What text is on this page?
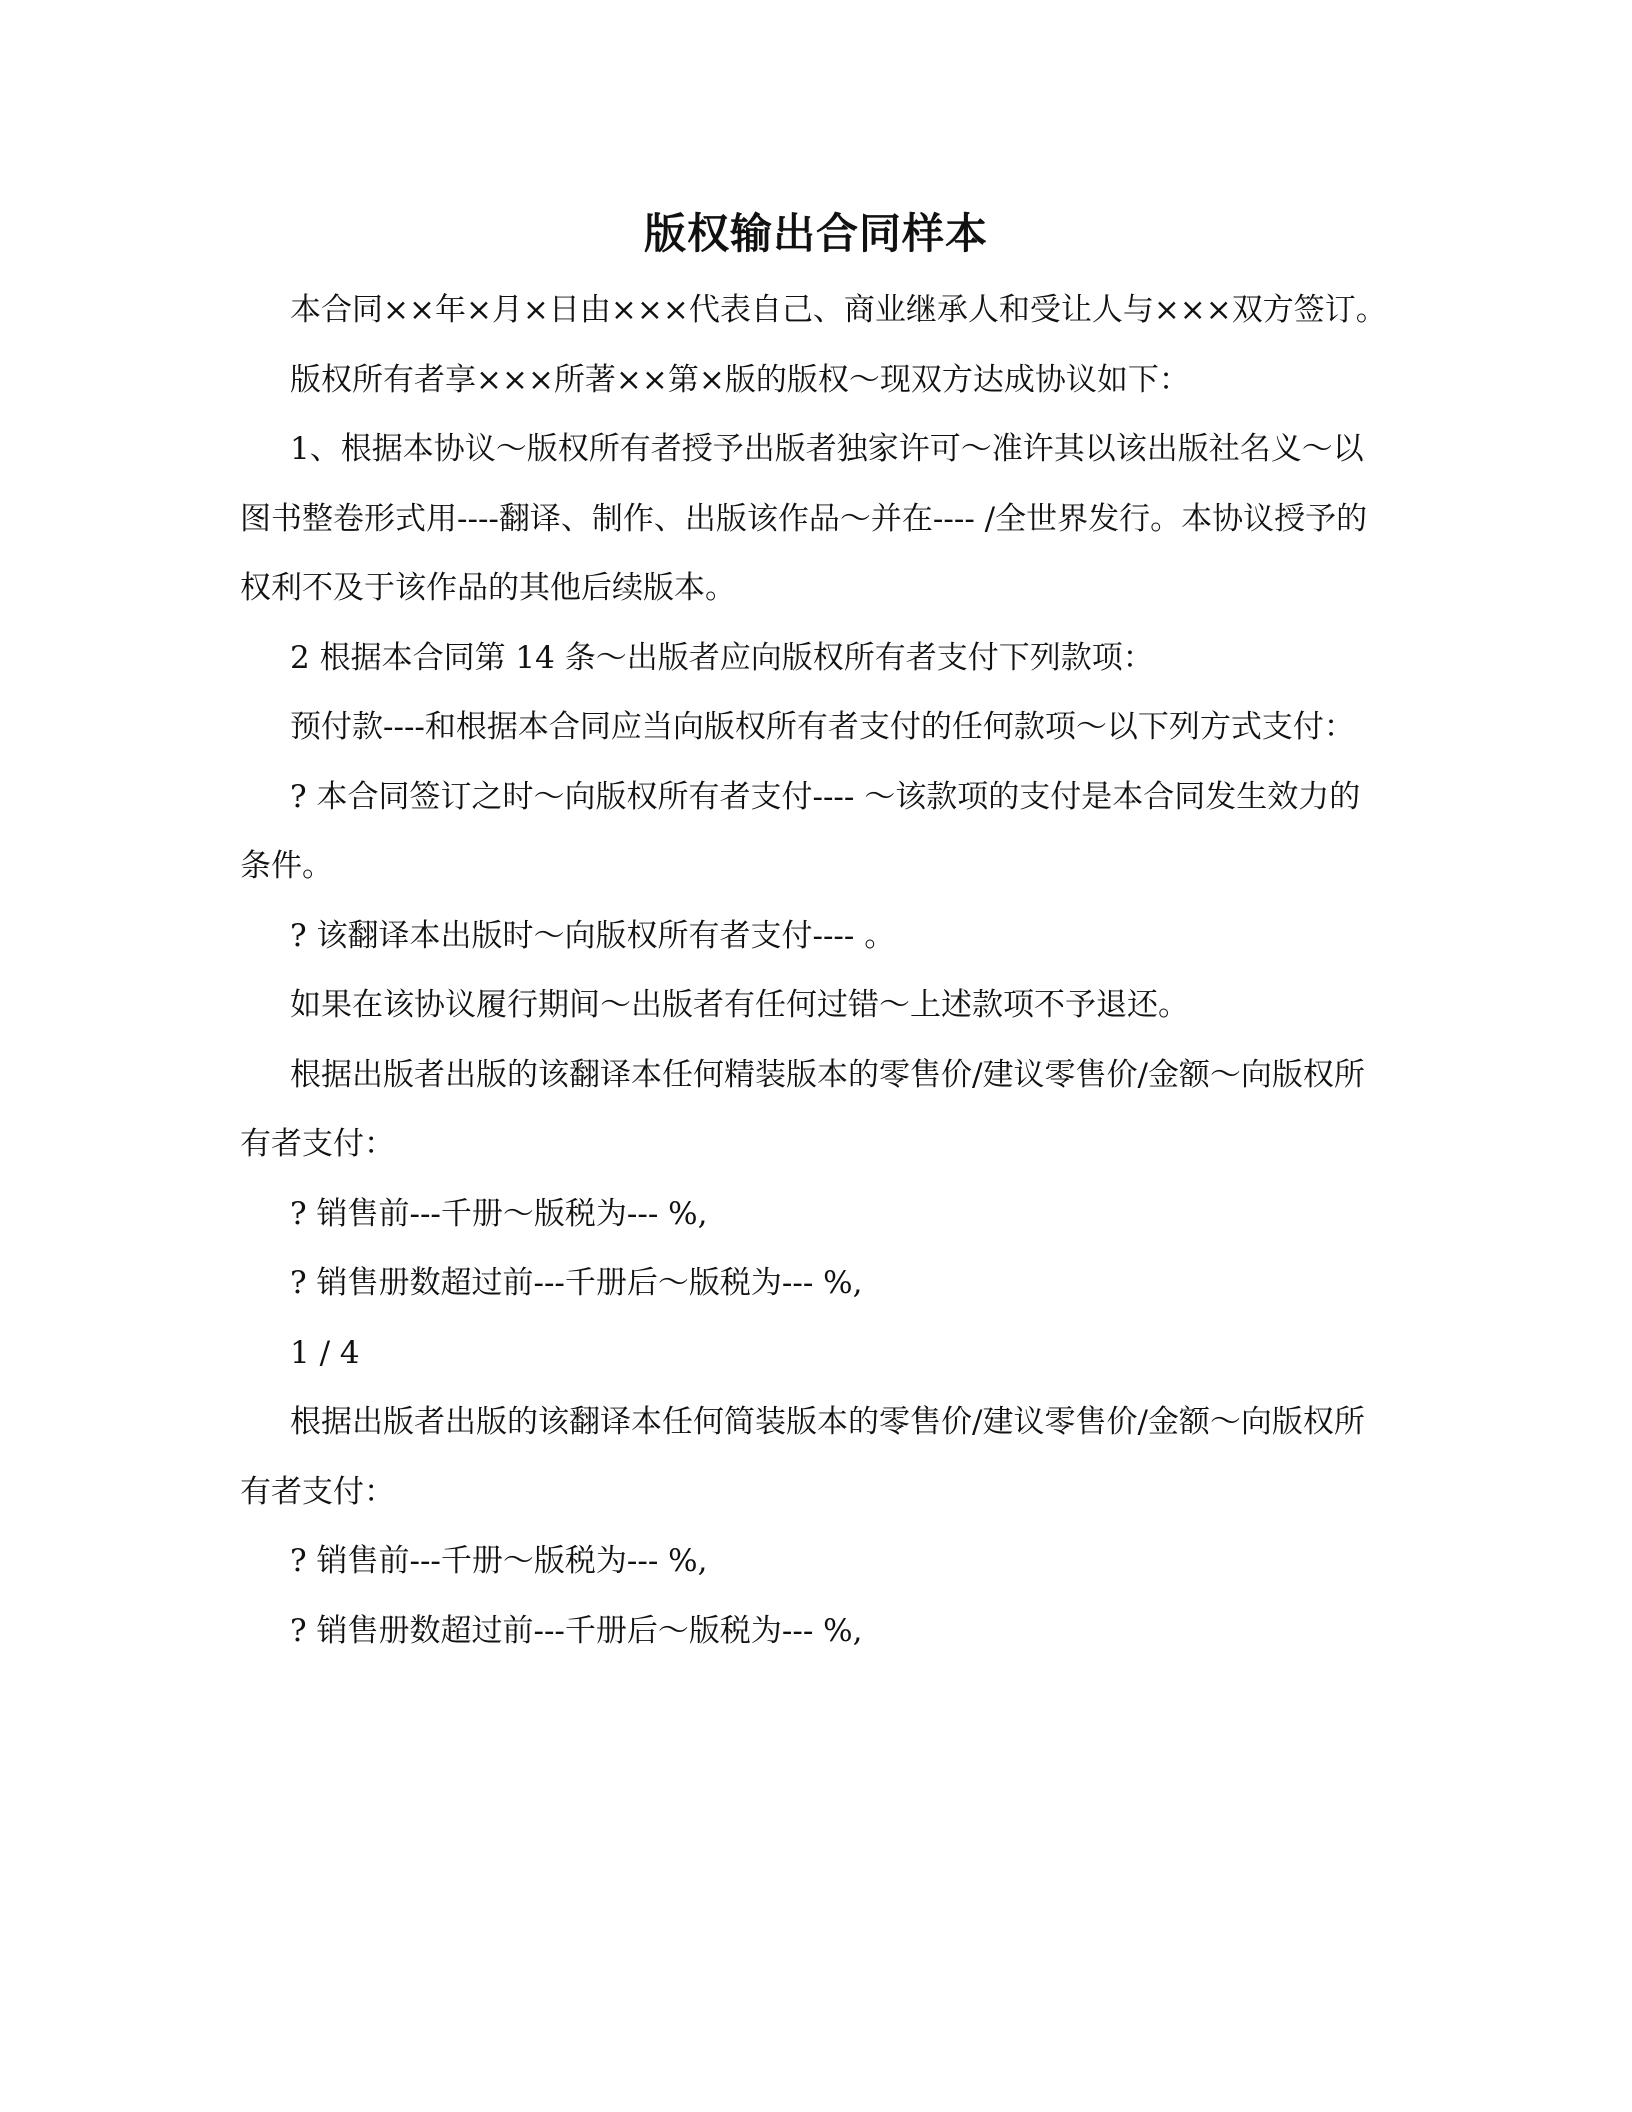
版权输出合同样本

本合同××年×月×日由×××代表自己、商业继承人和受让人与×××双方签订。

版权所有者享×××所著××第×版的版权～现双方达成协议如下：

1、根据本协议～版权所有者授予出版者独家许可～准许其以该出版社名义～以图书整卷形式用----翻译、制作、出版该作品～并在---- /全世界发行。本协议授予的权利不及于该作品的其他后续版本。

2 根据本合同第 14 条～出版者应向版权所有者支付下列款项：

预付款----和根据本合同应当向版权所有者支付的任何款项～以下列方式支付：

? 本合同签订之时～向版权所有者支付---- ～该款项的支付是本合同发生效力的条件。

? 该翻译本出版时～向版权所有者支付---- 。

如果在该协议履行期间～出版者有任何过错～上述款项不予退还。

根据出版者出版的该翻译本任何精装版本的零售价/建议零售价/金额～向版权所有者支付：

? 销售前---千册～版税为--- %,

? 销售册数超过前---千册后～版税为--- %,

1 / 4

根据出版者出版的该翻译本任何简装版本的零售价/建议零售价/金额～向版权所有者支付：

? 销售前---千册～版税为--- %,

? 销售册数超过前---千册后～版税为--- %,
